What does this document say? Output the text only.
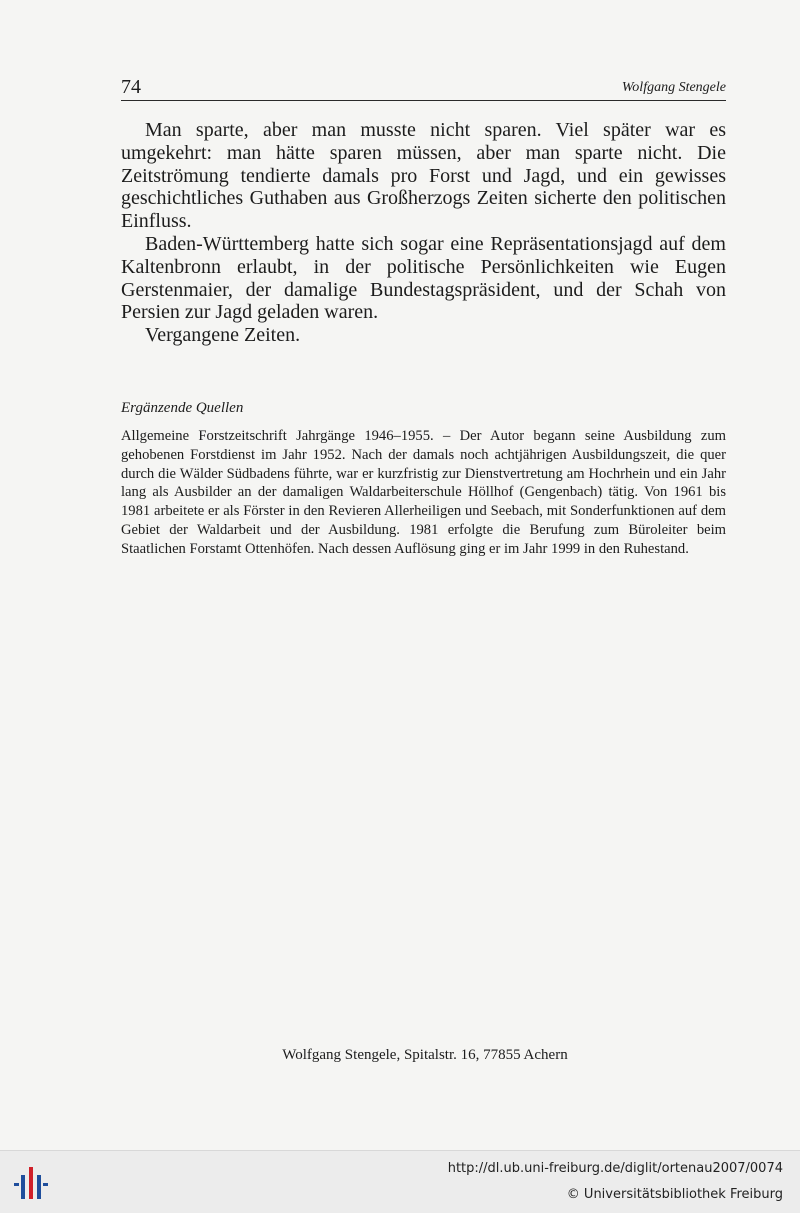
74	Wolfgang Stengele

Man sparte, aber man musste nicht sparen. Viel später war es umgekehrt: man hätte sparen müssen, aber man sparte nicht. Die Zeitströmung tendierte damals pro Forst und Jagd, und ein gewisses geschichtliches Guthaben aus Großherzogs Zeiten sicherte den politischen Einfluss.

Baden-Württemberg hatte sich sogar eine Repräsentationsjagd auf dem Kaltenbronn erlaubt, in der politische Persönlichkeiten wie Eugen Gerstenmaier, der damalige Bundestagspräsident, und der Schah von Persien zur Jagd geladen waren.

Vergangene Zeiten.

Ergänzende Quellen

Allgemeine Forstzeitschrift Jahrgänge 1946–1955. – Der Autor begann seine Ausbildung zum gehobenen Forstdienst im Jahr 1952. Nach der damals noch achtjährigen Ausbildungszeit, die quer durch die Wälder Südbadens führte, war er kurzfristig zur Dienstvertretung am Hochrhein und ein Jahr lang als Ausbilder an der damaligen Waldarbeiterschule Höllhof (Gengenbach) tätig. Von 1961 bis 1981 arbeitete er als Förster in den Revieren Allerheiligen und Seebach, mit Sonderfunktionen auf dem Gebiet der Waldarbeit und der Ausbildung. 1981 erfolgte die Berufung zum Büroleiter beim Staatlichen Forstamt Ottenhöfen. Nach dessen Auflösung ging er im Jahr 1999 in den Ruhestand.

Wolfgang Stengele, Spitalstr. 16, 77855 Achern
http://dl.ub.uni-freiburg.de/diglit/ortenau2007/0074
© Universitätsbibliothek Freiburg
